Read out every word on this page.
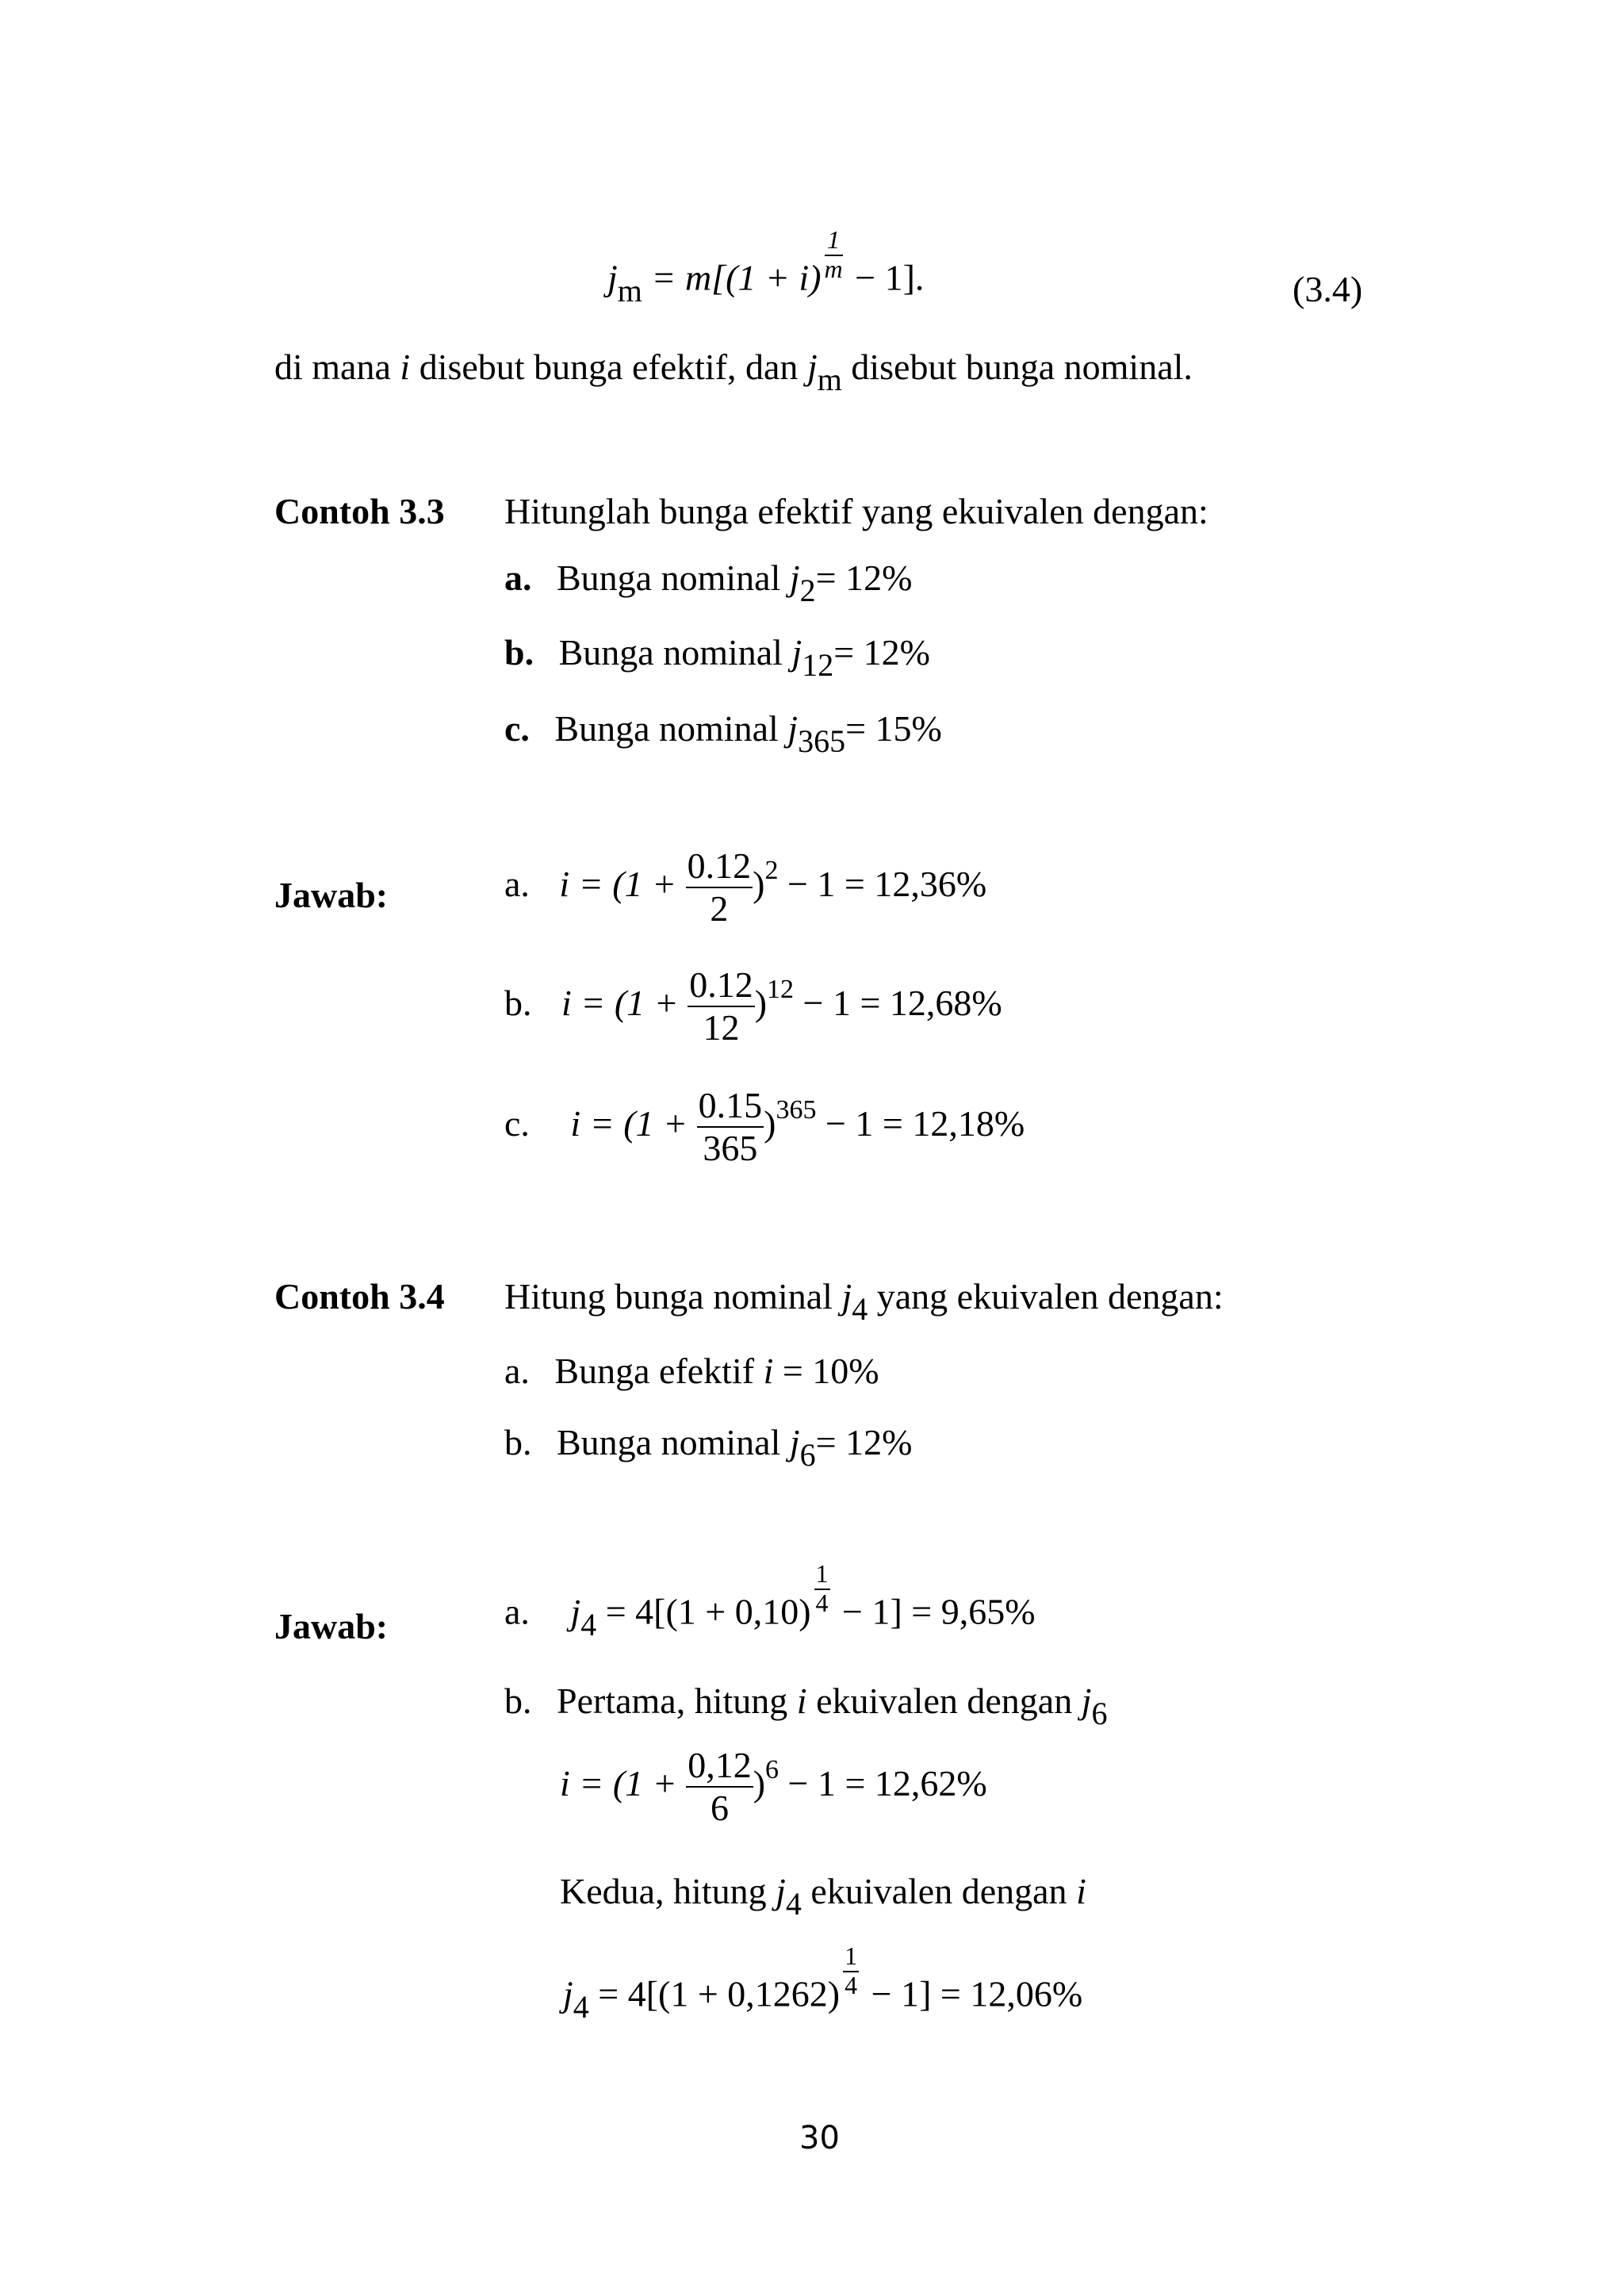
jm = $m[(1 + i) \frac{1}{m} - 1]$.	(3.4)
di mana i disebut bunga efektif, dan jm disebut bunga nominal.
Contoh 3.3 Hitunglah bunga efektif yang ekuivalen dengan:
a. Bunga nominal j2= 12%
b. Bunga nominal j12= 12%
c. Bunga nominal j365= 15%
Jawab:	a. $i = (1 + \frac{0.12}{2} )^2 - 1 = 12,36\%$
b. $i = (1 + \frac{0.12}{12} )^{12} - 1 = 12,68\%$
c. $i = (1 + \frac{0.15}{365} )^{365} - 1 = 12,18\%$
Contoh 3.4 Hitung bunga nominal j4 yang ekuivalen dengan:
a. Bunga efektif i = 10%
b. Bunga nominal j6= 12%
Jawab:	a. $j4 = 4[(1 + 0,10) \frac{1}{4} - 1] = 9,65\%$
b. Pertama, hitung i ekuivalen dengan j6
$i = (1 + \frac{0,12}{6} )^6 - 1 = 12,62\%$
Kedua, hitung j4 ekuivalen dengan i
$j4 = 4[(1 + 0,1262) \frac{1}{4} - 1] = 12,06\%$
30
